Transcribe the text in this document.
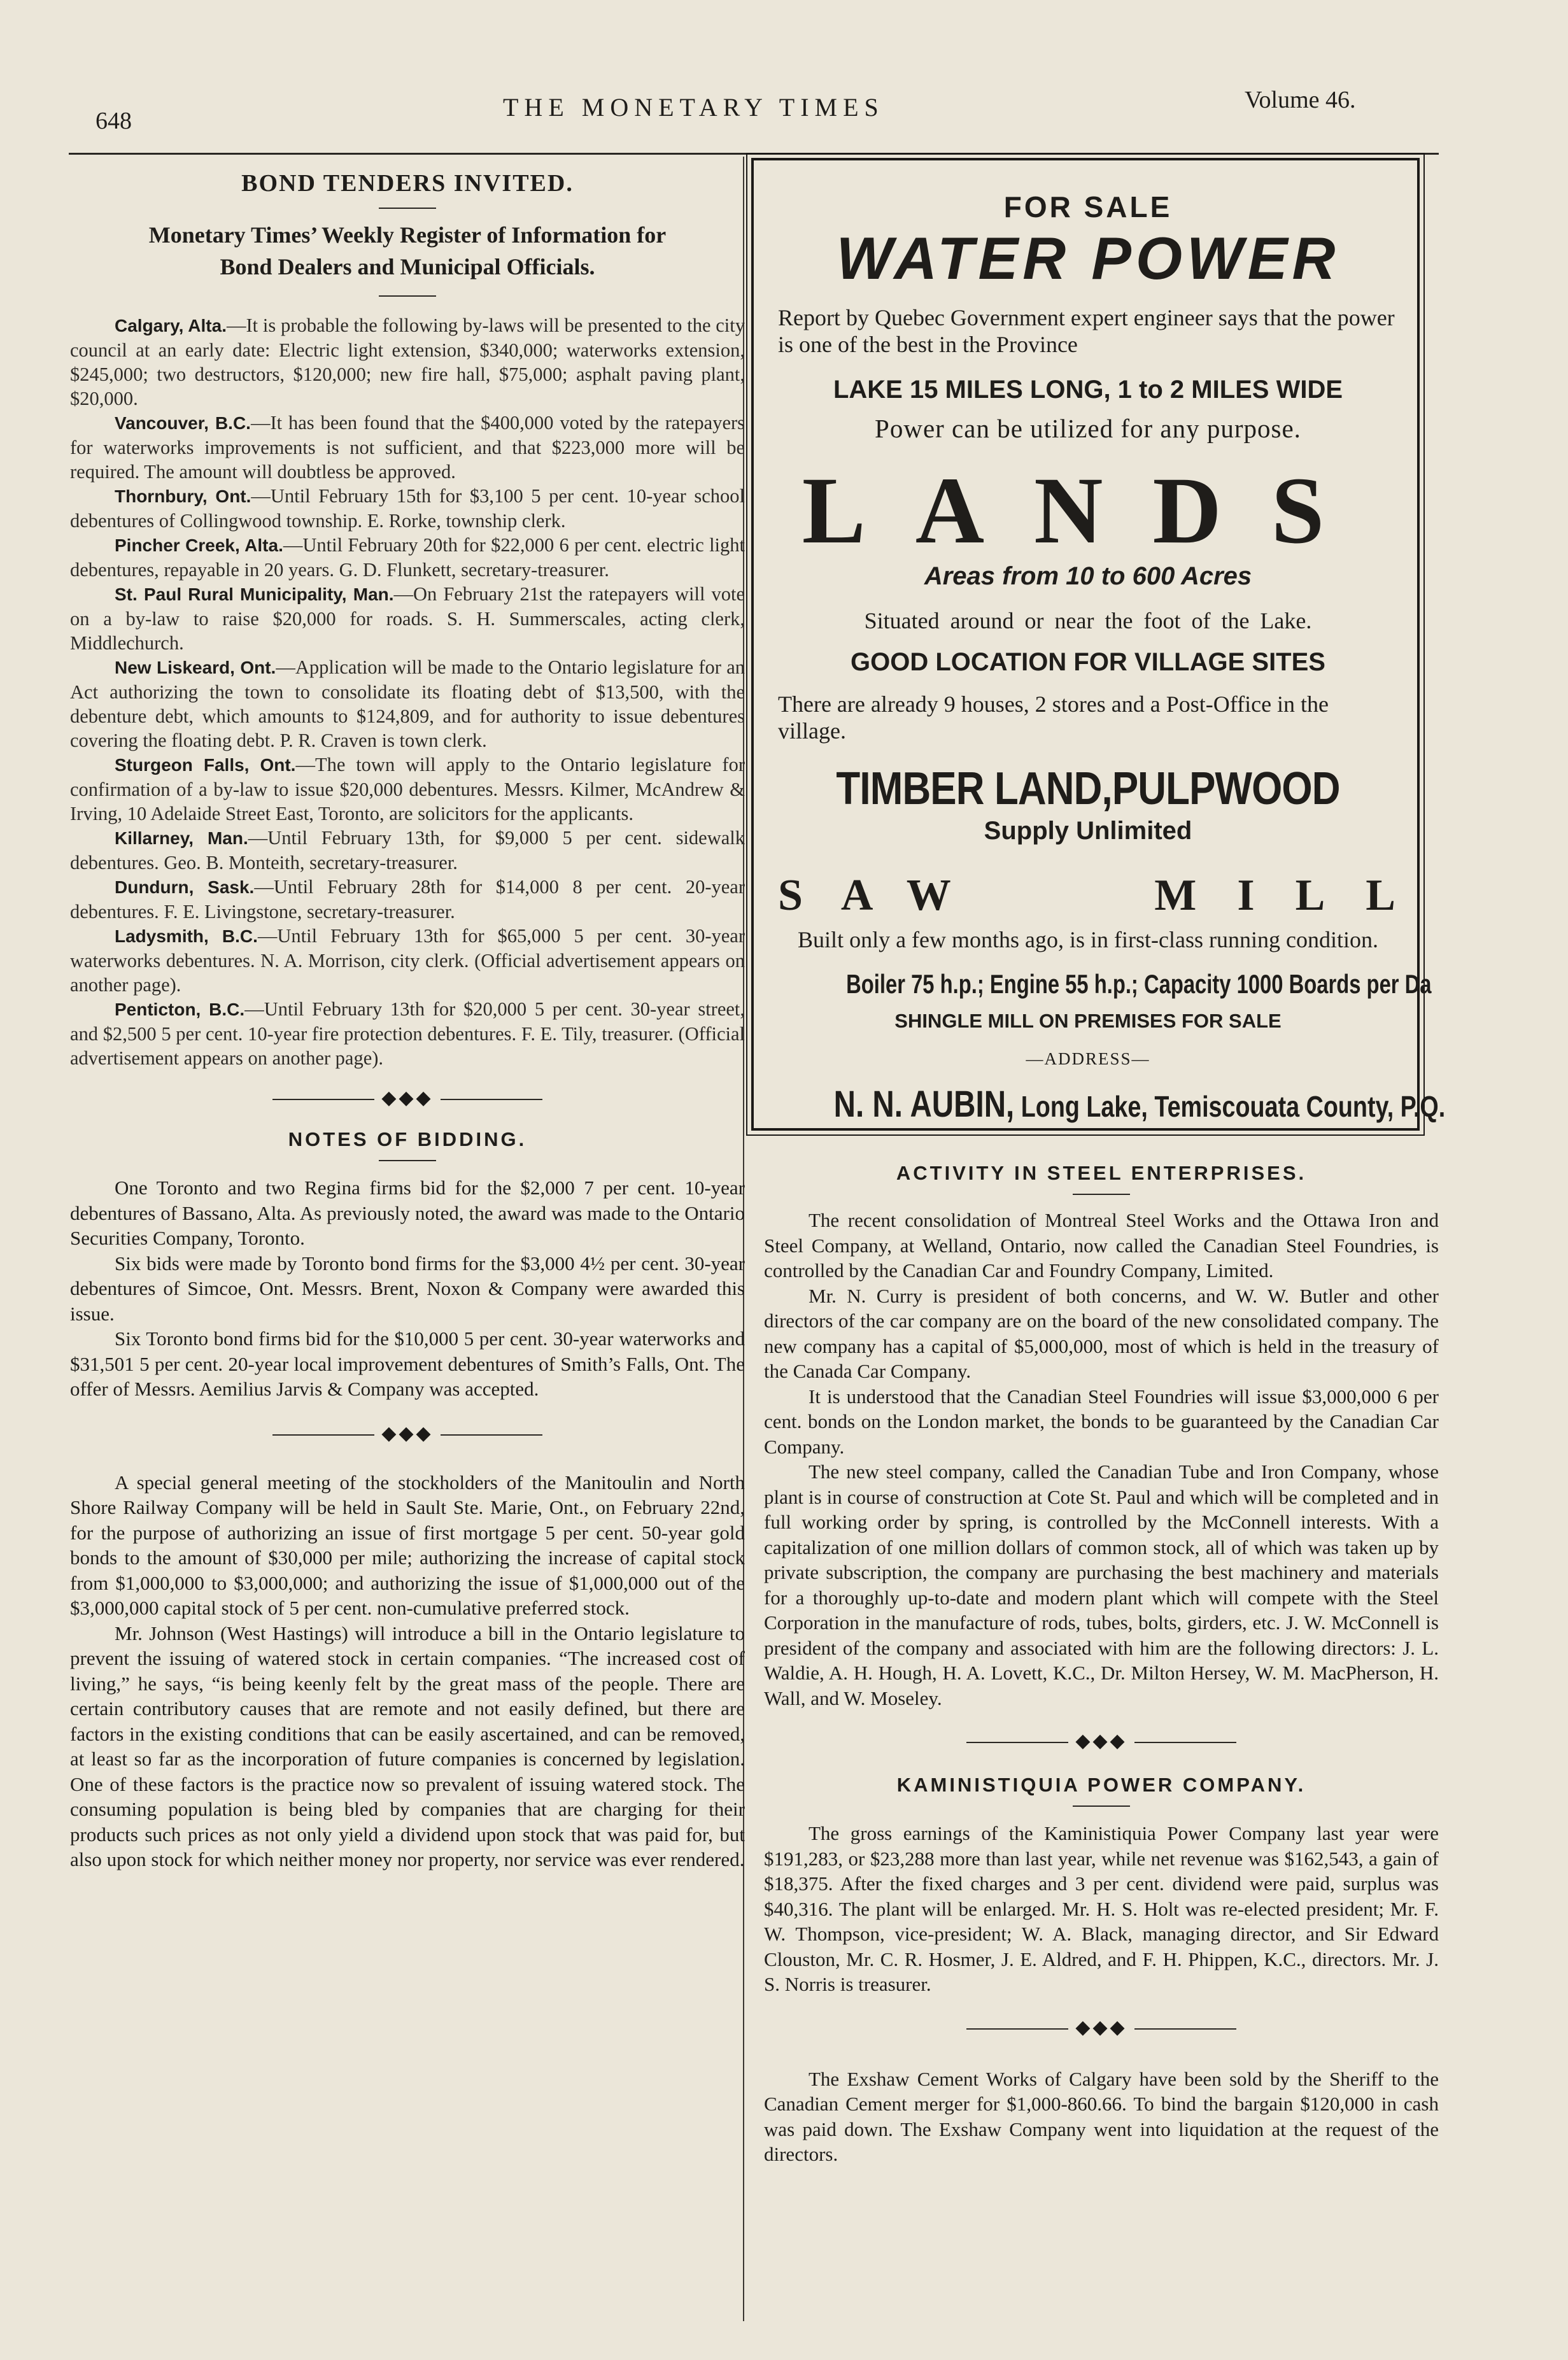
648	THE MONETARY TIMES	Volume 46.
BOND TENDERS INVITED.
Monetary Times’ Weekly Register of Information for
Bond Dealers and Municipal Officials.
Calgary, Alta.—It is probable the following by-laws will be presented to the city council at an early date: Electric light extension, $340,000; waterworks extension, $245,000; two destructors, $120,000; new fire hall, $75,000; asphalt paving plant, $20,000.
Vancouver, B.C.—It has been found that the $400,000 voted by the ratepayers for waterworks improvements is not sufficient, and that $223,000 more will be required. The amount will doubtless be approved.
Thornbury, Ont.—Until February 15th for $3,100 5 per cent. 10-year school debentures of Collingwood township. E. Rorke, township clerk.
Pincher Creek, Alta.—Until February 20th for $22,000 6 per cent. electric light debentures, repayable in 20 years. G. D. Flunkett, secretary-treasurer.
St. Paul Rural Municipality, Man.—On February 21st the ratepayers will vote on a by-law to raise $20,000 for roads. S. H. Summerscales, acting clerk, Middlechurch.
New Liskeard, Ont.—Application will be made to the Ontario legislature for an Act authorizing the town to consolidate its floating debt of $13,500, with the debenture debt, which amounts to $124,809, and for authority to issue debentures covering the floating debt. P. R. Craven is town clerk.
Sturgeon Falls, Ont.—The town will apply to the Ontario legislature for confirmation of a by-law to issue $20,000 debentures. Messrs. Kilmer, McAndrew & Irving, 10 Adelaide Street East, Toronto, are solicitors for the applicants.
Killarney, Man.—Until February 13th, for $9,000 5 per cent. sidewalk debentures. Geo. B. Monteith, secretary-treasurer.
Dundurn, Sask.—Until February 28th for $14,000 8 per cent. 20-year debentures. F. E. Livingstone, secretary-treasurer.
Ladysmith, B.C.—Until February 13th for $65,000 5 per cent. 30-year waterworks debentures. N. A. Morrison, city clerk. (Official advertisement appears on another page).
Penticton, B.C.—Until February 13th for $20,000 5 per cent. 30-year street, and $2,500 5 per cent. 10-year fire protection debentures. F. E. Tily, treasurer. (Official advertisement appears on another page).
◆◆◆
NOTES OF BIDDING.

One Toronto and two Regina firms bid for the $2,000 7 per cent. 10-year debentures of Bassano, Alta. As previously noted, the award was made to the Ontario Securities Company, Toronto.

Six bids were made by Toronto bond firms for the $3,000 4½ per cent. 30-year debentures of Simcoe, Ont. Messrs. Brent, Noxon & Company were awarded this issue.

Six Toronto bond firms bid for the $10,000 5 per cent. 30-year waterworks and $31,501 5 per cent. 20-year local improvement debentures of Smith’s Falls, Ont. The offer of Messrs. Aemilius Jarvis & Company was accepted.

◆◆◆

A special general meeting of the stockholders of the Manitoulin and North Shore Railway Company will be held in Sault Ste. Marie, Ont., on February 22nd, for the purpose of authorizing an issue of first mortgage 5 per cent. 50-year gold bonds to the amount of $30,000 per mile; authorizing the increase of capital stock from $1,000,000 to $3,000,000; and authorizing the issue of $1,000,000 out of the $3,000,000 capital stock of 5 per cent. non-cumulative preferred stock.

Mr. Johnson (West Hastings) will introduce a bill in the Ontario legislature to prevent the issuing of watered stock in certain companies. “The increased cost of living,” he says, “is being keenly felt by the great mass of the people. There are certain contributory causes that are remote and not easily defined, but there are factors in the existing conditions that can be easily ascertained, and can be removed, at least so far as the incorporation of future companies is concerned by legislation. One of these factors is the practice now so prevalent of issuing watered stock. The consuming population is being bled by companies that are charging for their products such prices as not only yield a dividend upon stock that was paid for, but also upon stock for which neither money nor property, nor service was ever rendered.

FOR SALE
WATER POWER
Report by Quebec Government expert engineer says that the power is one of the best in the Province
LAKE 15 MILES LONG, 1 to 2 MILES WIDE
Power can be utilized for any purpose.
LANDS
Areas from 10 to 600 Acres
Situated around or near the foot of the Lake.
GOOD LOCATION FOR VILLAGE SITES
There are already 9 houses, 2 stores and a Post-Office in the village.
TIMBER LAND,PULPWOOD
Supply Unlimited
SAW	MILL
Built only a few months ago, is in first-class running condition.
Boiler 75 h.p.; Engine 55 h.p.; Capacity 1000 Boards per Da
SHINGLE MILL ON PREMISES FOR SALE
—ADDRESS—
N. N. AUBIN, Long Lake, Temiscouata County, P.Q.
ACTIVITY IN STEEL ENTERPRISES.

The recent consolidation of Montreal Steel Works and the Ottawa Iron and Steel Company, at Welland, Ontario, now called the Canadian Steel Foundries, is controlled by the Canadian Car and Foundry Company, Limited.

Mr. N. Curry is president of both concerns, and W. W. Butler and other directors of the car company are on the board of the new consolidated company. The new company has a capital of $5,000,000, most of which is held in the treasury of the Canada Car Company.

It is understood that the Canadian Steel Foundries will issue $3,000,000 6 per cent. bonds on the London market, the bonds to be guaranteed by the Canadian Car Company.

The new steel company, called the Canadian Tube and Iron Company, whose plant is in course of construction at Cote St. Paul and which will be completed and in full working order by spring, is controlled by the McConnell interests. With a capitalization of one million dollars of common stock, all of which was taken up by private subscription, the company are purchasing the best machinery and materials for a thoroughly up-to-date and modern plant which will compete with the Steel Corporation in the manufacture of rods, tubes, bolts, girders, etc. J. W. McConnell is president of the company and associated with him are the following directors: J. L. Waldie, A. H. Hough, H. A. Lovett, K.C., Dr. Milton Hersey, W. M. MacPherson, H. Wall, and W. Moseley.

◆◆◆
KAMINISTIQUIA POWER COMPANY.

The gross earnings of the Kaministiquia Power Company last year were $191,283, or $23,288 more than last year, while net revenue was $162,543, a gain of $18,375. After the fixed charges and 3 per cent. dividend were paid, surplus was $40,316. The plant will be enlarged. Mr. H. S. Holt was re-elected president; Mr. F. W. Thompson, vice-president; W. A. Black, managing director, and Sir Edward Clouston, Mr. C. R. Hosmer, J. E. Aldred, and F. H. Phippen, K.C., directors. Mr. J. S. Norris is treasurer.

◆◆◆

The Exshaw Cement Works of Calgary have been sold by the Sheriff to the Canadian Cement merger for $1,000-860.66. To bind the bargain $120,000 in cash was paid down. The Exshaw Company went into liquidation at the request of the directors.
